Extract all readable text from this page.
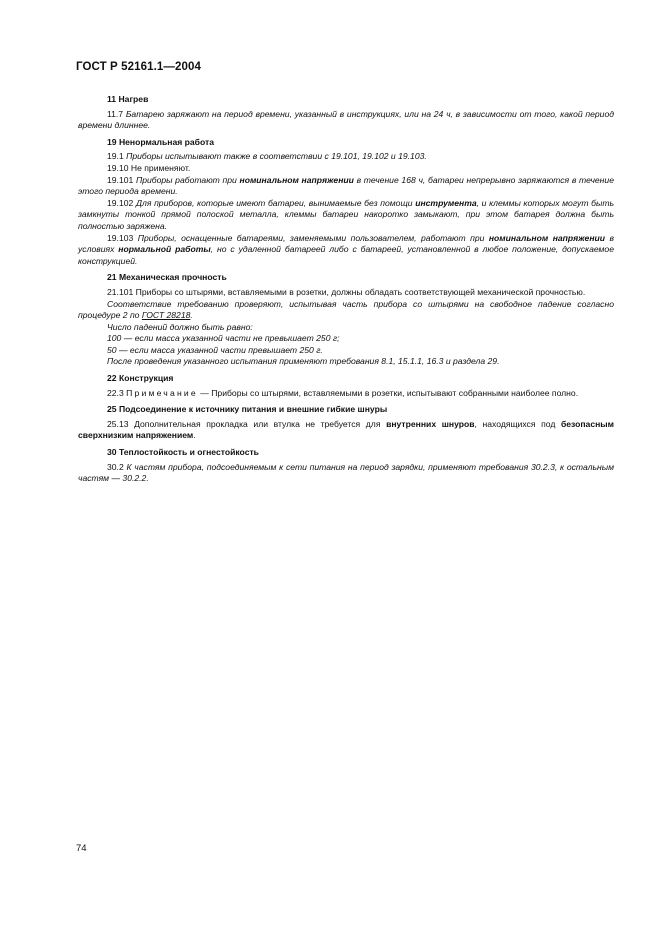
ГОСТ Р 52161.1—2004
11 Нагрев
11.7 Батарею заряжают на период времени, указанный в инструкциях, или на 24 ч, в зависимости от того, какой период времени длиннее.
19 Ненормальная работа
19.1 Приборы испытывают также в соответствии с 19.101, 19.102 и 19.103.
19.10 Не применяют.
19.101 Приборы работают при номинальном напряжении в течение 168 ч, батареи непрерывно заряжаются в течение этого периода времени.
19.102 Для приборов, которые имеют батареи, вынимаемые без помощи инструмента, и клеммы которых могут быть замкнуты тонкой прямой полоской металла, клеммы батареи накоротко замыкают, при этом батарея должна быть полностью заряжена.
19.103 Приборы, оснащенные батареями, заменяемыми пользователем, работают при номинальном напряжении в условиях нормальной работы, но с удаленной батареей либо с батареей, установленной в любое положение, допускаемое конструкцией.
21 Механическая прочность
21.101 Приборы со штырями, вставляемыми в розетки, должны обладать соответствующей механической прочностью.
Соответствие требованию проверяют, испытывая часть прибора со штырями на свободное падение согласно процедуре 2 по ГОСТ 28218.
Число падений должно быть равно:
100 — если масса указанной части не превышает 250 г;
50 — если масса указанной части превышает 250 г.
После проведения указанного испытания применяют требования 8.1, 15.1.1, 16.3 и раздела 29.
22 Конструкция
22.3 Примечание — Приборы со штырями, вставляемыми в розетки, испытывают собранными наиболее полно.
25 Подсоединение к источнику питания и внешние гибкие шнуры
25.13 Дополнительная прокладка или втулка не требуется для внутренних шнуров, находящихся под безопасным сверхнизким напряжением.
30 Теплостойкость и огнестойкость
30.2 К частям прибора, подсоединяемым к сети питания на период зарядки, применяют требования 30.2.3, к остальным частям — 30.2.2.
74
